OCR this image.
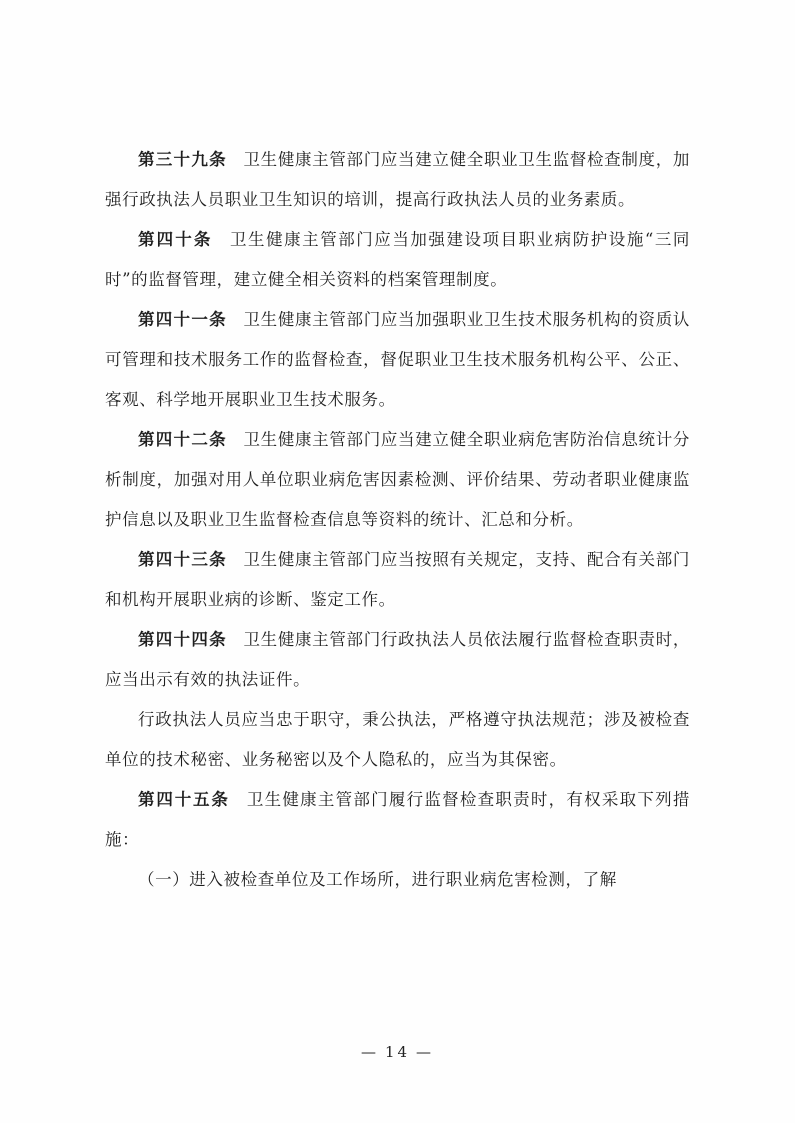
第三十九条 卫生健康主管部门应当建立健全职业卫生监督检查制度，加强行政执法人员职业卫生知识的培训，提高行政执法人员的业务素质。

第四十条 卫生健康主管部门应当加强建设项目职业病防护设施“三同时”的监督管理，建立健全相关资料的档案管理制度。

第四十一条 卫生健康主管部门应当加强职业卫生技术服务机构的资质认可管理和技术服务工作的监督检查，督促职业卫生技术服务机构公平、公正、客观、科学地开展职业卫生技术服务。

第四十二条 卫生健康主管部门应当建立健全职业病危害防治信息统计分析制度，加强对用人单位职业病危害因素检测、评价结果、劳动者职业健康监护信息以及职业卫生监督检查信息等资料的统计、汇总和分析。

第四十三条 卫生健康主管部门应当按照有关规定，支持、配合有关部门和机构开展职业病的诊断、鉴定工作。

第四十四条 卫生健康主管部门行政执法人员依法履行监督检查职责时，应当出示有效的执法证件。

行政执法人员应当忠于职守，秉公执法，严格遵守执法规范；涉及被检查单位的技术秘密、业务秘密以及个人隐私的，应当为其保密。

第四十五条 卫生健康主管部门履行监督检查职责时，有权采取下列措施：

（一）进入被检查单位及工作场所，进行职业病危害检测，了解

— 14 —
